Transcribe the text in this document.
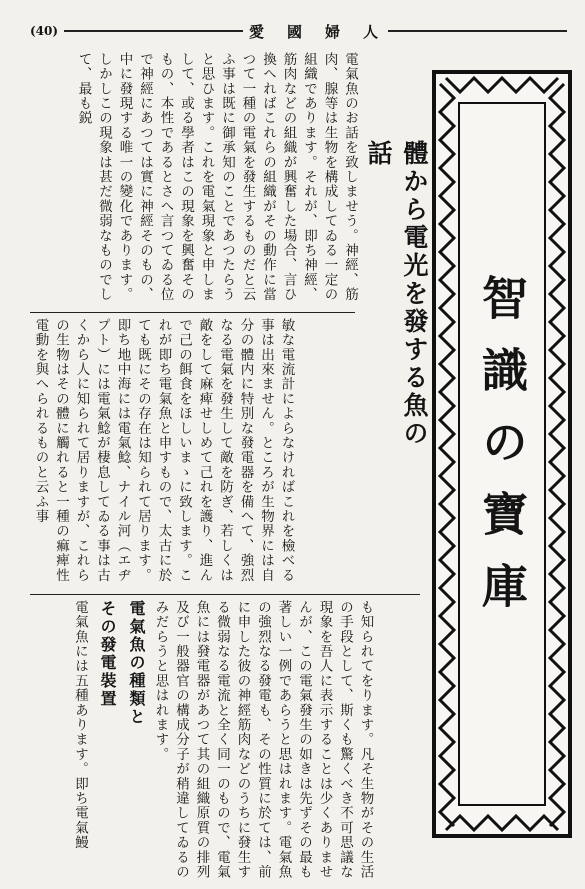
(40)	愛　國　婦　人
智識の寶庫
體から電光を發する魚の話

電氣魚のお話を致しませう。神經、筋肉、腺等は生物を構成してゐる一定の組織であります。それが、即ち神經、筋肉などの組織が興奮した場合、言ひ換へればこれらの組織がその動作に當つて一種の電氣を發生するものだと云ふ事は既に御承知のことであつたらうと思ひます。これを電氣現象と申しまして、或る學者はこの現象を興奮そのもの、本性であるとさへ言つてゐる位で神經にあつては實に神經そのもの、中に發現する唯一の變化であります。しかしこの現象は甚だ微弱なものでして、最も鋭

敏な電流計によらなければこれを檢べる事は出來ません。ところが生物界には自分の體内に特別な發電器を備へて、強烈なる電氣を發生して敵を防ぎ、若しくは敵をして麻痺せしめて己れを護り、進んで己の餌食をほしいまゝに致します。これが即ち電氣魚と申すもので、太古に於ても既にその存在は知られて居ります。即ち地中海には電氣鯰、ナイル河（エヂプト）には電氣鯰が棲息してゐる事は古くから人に知られて居りますが、これらの生物はその體に觸れると一種の痲痺性電動を與へられるものと云ふ事

も知られてをります。凡そ生物がその生活の手段として、斯くも驚くべき不可思議な現象を吾人に表示することは少くありませんが、この電氣發生の如きは先ずその最も著しい一例であらうと思はれます。電氣魚の強烈なる發電も、その性質に於ては、前に申した彼の神經筋肉などのうちに發生する微弱なる電流と全く同一のもので、電氣魚には發電器があつて其の組織原質の排列及び一般器官の構成分子が稍違してゐるのみだらうと思はれます。

電氣魚の種類と
その發電裝置
電氣魚には五種あります。即ち電氣鰻
